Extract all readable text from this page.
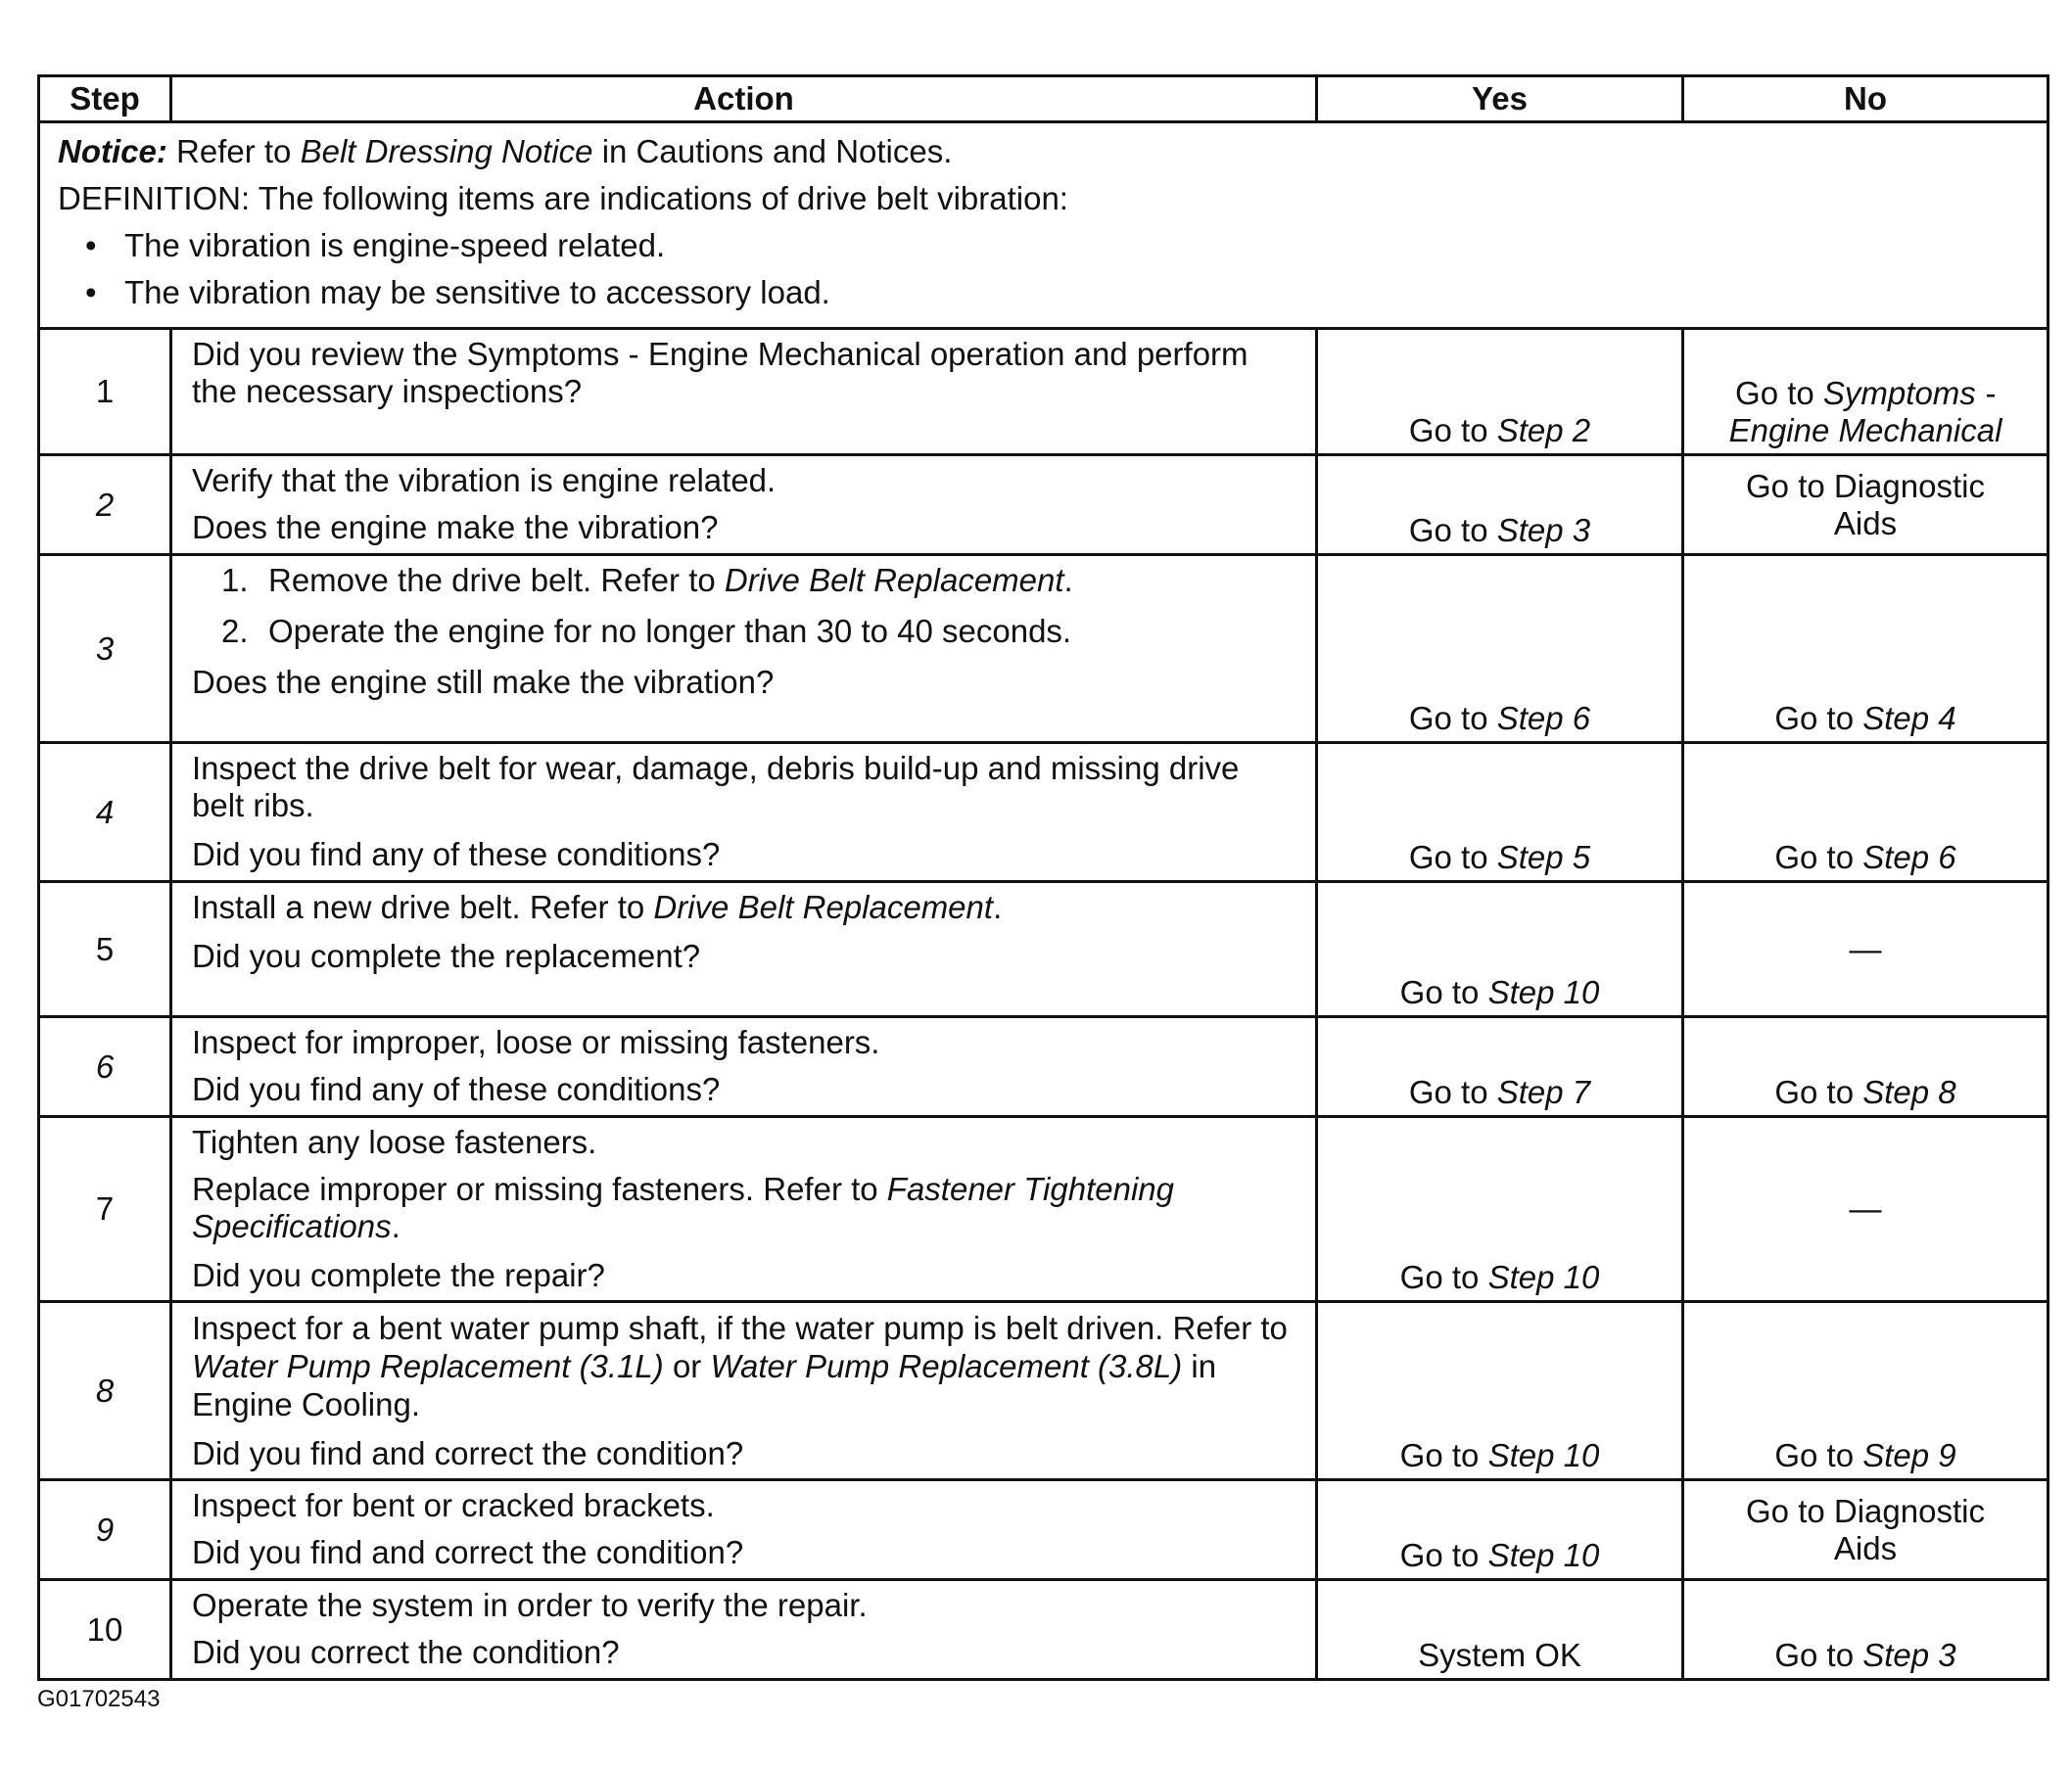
Step	Action	Yes	No

Notice: Refer to Belt Dressing Notice in Cautions and Notices.
DEFINITION: The following items are indications of drive belt vibration:
• The vibration is engine-speed related.
• The vibration may be sensitive to accessory load.			

1	Did you review the Symptoms - Engine Mechanical operation and perform the necessary inspections?	Go to Step 2	Go to Symptoms - Engine Mechanical
2	Verify that the vibration is engine related.
Does the engine make the vibration?	Go to Step 3	Go to Diagnostic Aids
3	1. Remove the drive belt. Refer to Drive Belt Replacement.
2. Operate the engine for no longer than 30 to 40 seconds.
Does the engine still make the vibration?	Go to Step 6	Go to Step 4
4	Inspect the drive belt for wear, damage, debris build-up and missing drive belt ribs.
Did you find any of these conditions?	Go to Step 5	Go to Step 6
5	Install a new drive belt. Refer to Drive Belt Replacement.
Did you complete the replacement?	Go to Step 10	—
6	Inspect for improper, loose or missing fasteners.
Did you find any of these conditions?	Go to Step 7	Go to Step 8
7	Tighten any loose fasteners.
Replace improper or missing fasteners. Refer to Fastener Tightening Specifications.
Did you complete the repair?	Go to Step 10	—
8	Inspect for a bent water pump shaft, if the water pump is belt driven. Refer to Water Pump Replacement (3.1L) or Water Pump Replacement (3.8L) in Engine Cooling.
Did you find and correct the condition?	Go to Step 10	Go to Step 9
9	Inspect for bent or cracked brackets.
Did you find and correct the condition?	Go to Step 10	Go to Diagnostic Aids
10	Operate the system in order to verify the repair.
Did you correct the condition?	System OK	Go to Step 3
G01702543
